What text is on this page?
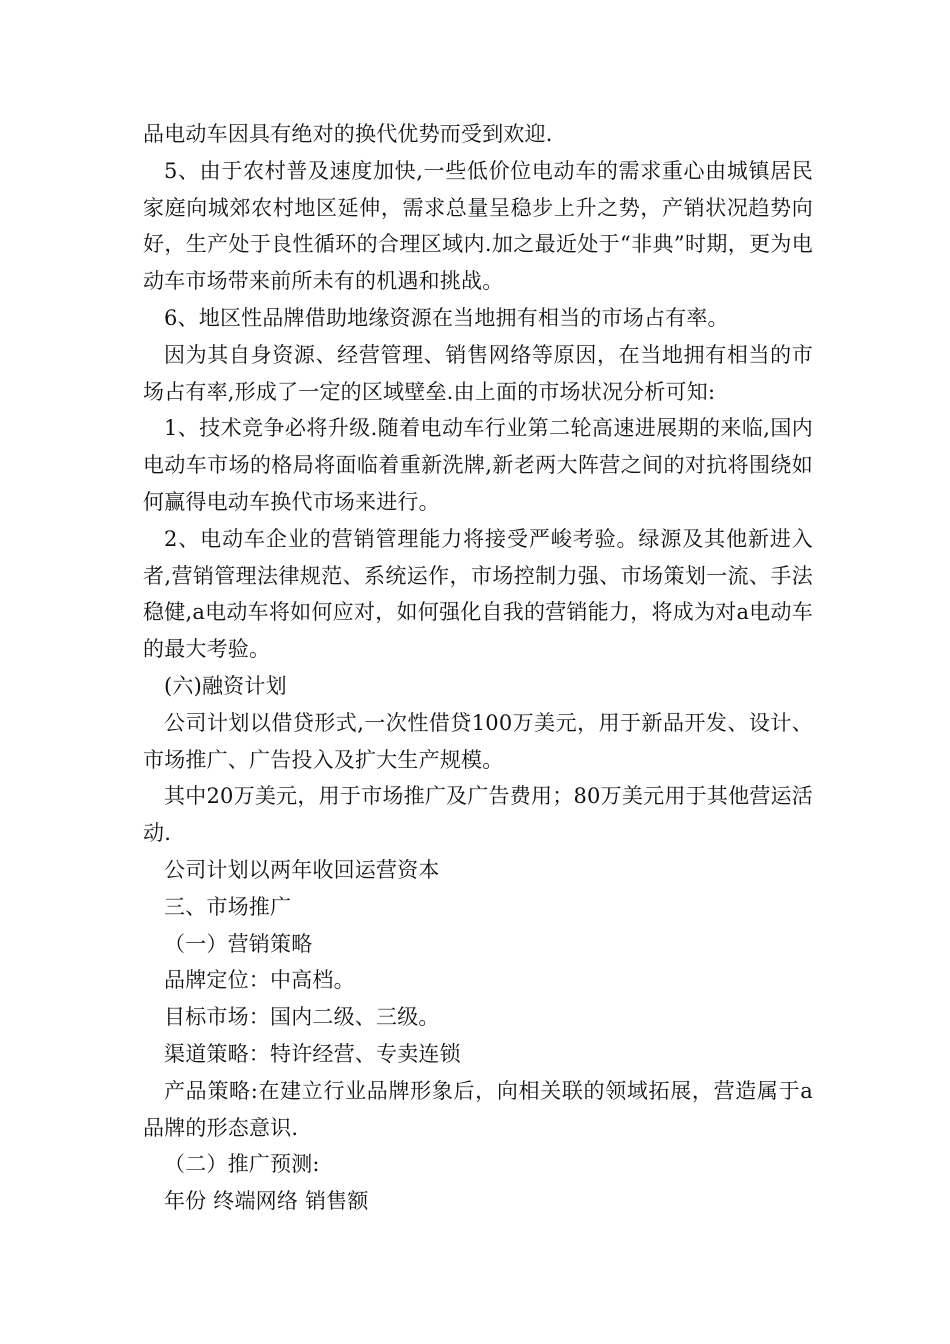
品电动车因具有绝对的换代优势而受到欢迎.

5、由于农村普及速度加快,一些低价位电动车的需求重心由城镇居民家庭向城郊农村地区延伸，需求总量呈稳步上升之势，产销状况趋势向好，生产处于良性循环的合理区域内.加之最近处于“非典”时期，更为电动车市场带来前所未有的机遇和挑战。

6、地区性品牌借助地缘资源在当地拥有相当的市场占有率。

因为其自身资源、经营管理、销售网络等原因，在当地拥有相当的市场占有率,形成了一定的区域壁垒.由上面的市场状况分析可知:

1、技术竞争必将升级.随着电动车行业第二轮高速进展期的来临,国内电动车市场的格局将面临着重新洗牌,新老两大阵营之间的对抗将围绕如何赢得电动车换代市场来进行。

2、电动车企业的营销管理能力将接受严峻考验。绿源及其他新进入者,营销管理法律规范、系统运作，市场控制力强、市场策划一流、手法稳健,a电动车将如何应对，如何强化自我的营销能力，将成为对a电动车的最大考验。

(六)融资计划

公司计划以借贷形式,一次性借贷100万美元，用于新品开发、设计、市场推广、广告投入及扩大生产规模。

其中20万美元，用于市场推广及广告费用；80万美元用于其他营运活动.

公司计划以两年收回运营资本

三、市场推广

（一）营销策略

品牌定位：中高档。

目标市场：国内二级、三级。

渠道策略：特许经营、专卖连锁

产品策略:在建立行业品牌形象后，向相关联的领域拓展，营造属于a品牌的形态意识.

（二）推广预测:

年份 终端网络 销售额
